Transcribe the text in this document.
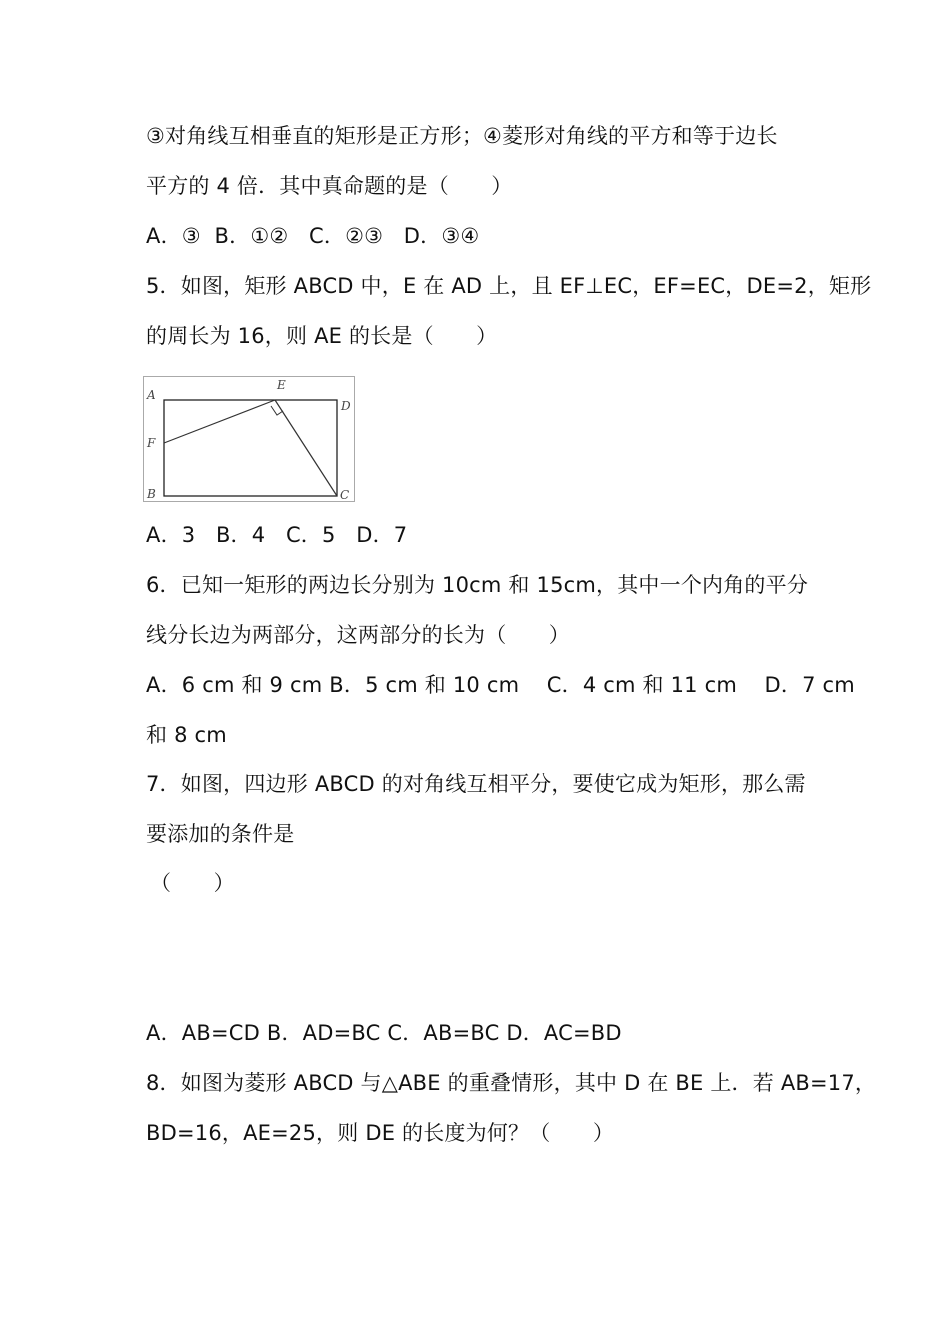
③对角线互相垂直的矩形是正方形；④菱形对角线的平方和等于边长
平方的 4 倍．其中真命题的是（　　）
A．③  B．①②   C．②③   D．③④
5．如图，矩形 ABCD 中，E 在 AD 上，且 EF⊥EC，EF=EC，DE=2，矩形
的周长为 16，则 AE 的长是（　　）
A
B	C
D
E
F
A．3   B．4   C．5   D．7
6．已知一矩形的两边长分别为 10cm 和 15cm，其中一个内角的平分
线分长边为两部分，这两部分的长为（　　）
A．6 cm 和 9 cm B．5 cm 和 10 cm    C．4 cm 和 11 cm    D．7 cm
和 8 cm
7．如图，四边形 ABCD 的对角线互相平分，要使它成为矩形，那么需
要添加的条件是
（　　）
A．AB=CD B．AD=BC C．AB=BC D．AC=BD
8．如图为菱形 ABCD 与△ABE 的重叠情形，其中 D 在 BE 上．若 AB=17，
BD=16，AE=25，则 DE 的长度为何？（　　）
